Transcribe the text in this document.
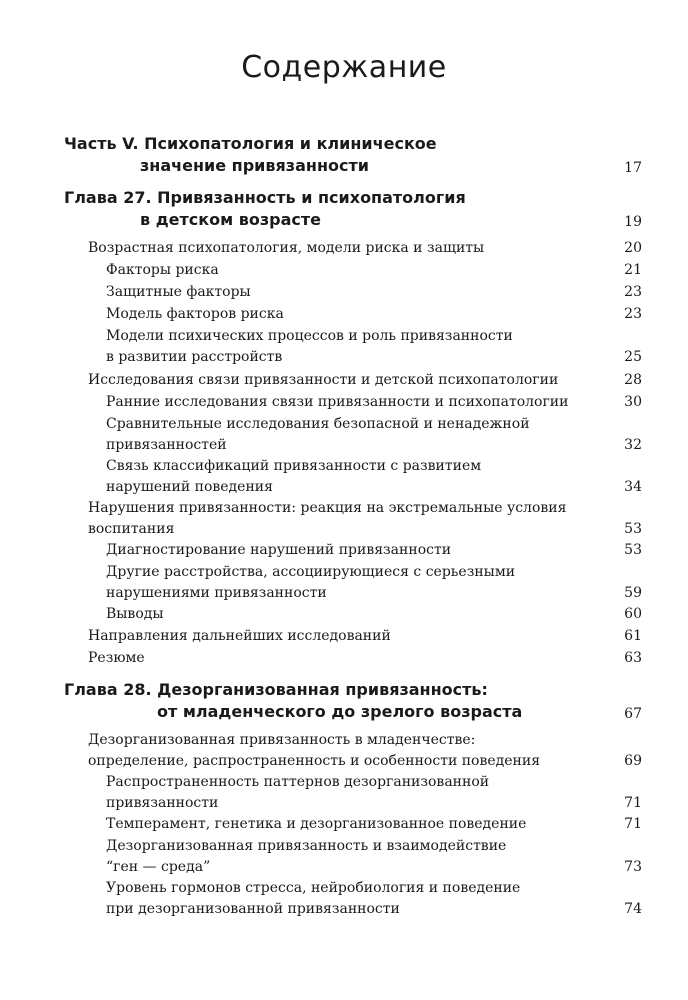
Содержание
Часть V. Психопатология и клиническое
значение привязанности	17
Глава 27. Привязанность и психопатология
в детском возрасте	19
Возрастная психопатология, модели риска и защиты	20
Факторы риска	21
Защитные факторы	23
Модель факторов риска	23
Модели психических процессов и роль привязанности
в развитии расстройств	25
Исследования связи привязанности и детской психопатологии	28
Ранние исследования связи привязанности и психопатологии	30
Сравнительные исследования безопасной и ненадежной
привязанностей	32
Связь классификаций привязанности с развитием
нарушений поведения	34
Нарушения привязанности: реакция на экстремальные условия
воспитания	53
Диагностирование нарушений привязанности	53
Другие расстройства, ассоциирующиеся с серьезными
нарушениями привязанности	59
Выводы	60
Направления дальнейших исследований	61
Резюме	63
Глава 28. Дезорганизованная привязанность:
от младенческого до зрелого возраста	67
Дезорганизованная привязанность в младенчестве:
определение, распространенность и особенности поведения	69
Распространенность паттернов дезорганизованной
привязанности	71
Темперамент, генетика и дезорганизованное поведение	71
Дезорганизованная привязанность и взаимодействие
“ген — среда”	73
Уровень гормонов стресса, нейробиология и поведение
при дезорганизованной привязанности	74
